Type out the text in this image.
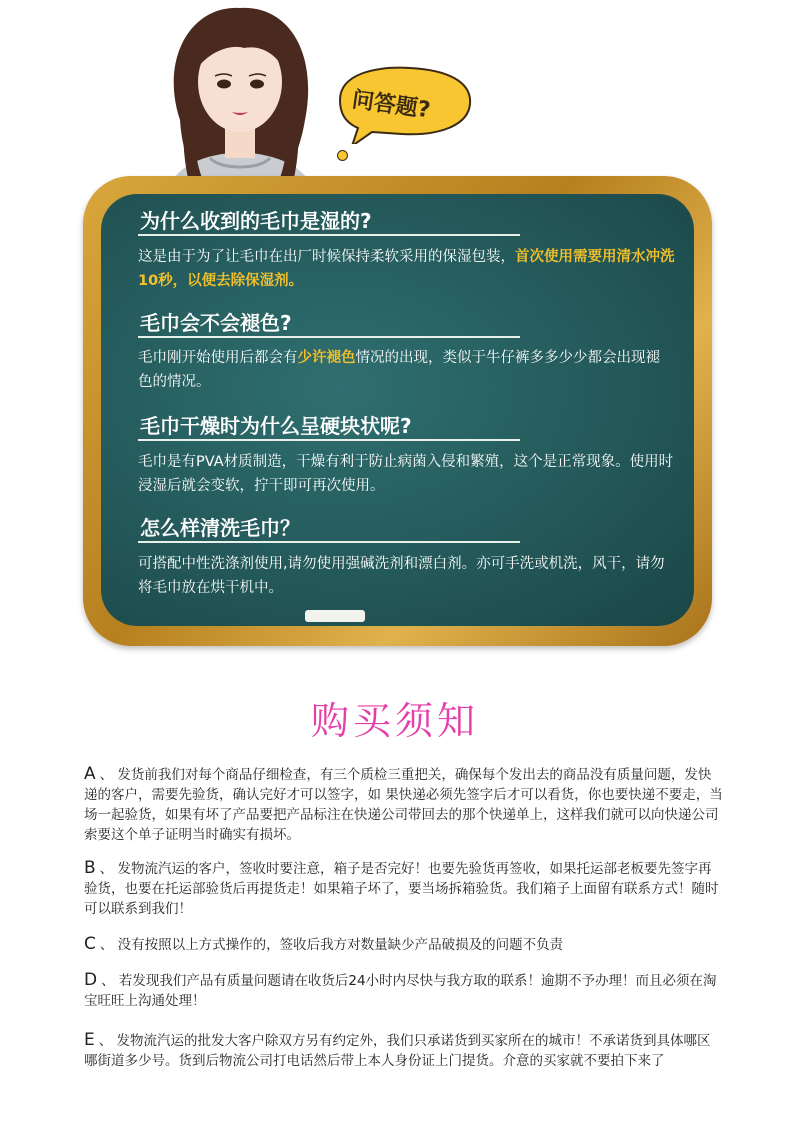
问答题?
为什么收到的毛巾是湿的?
这是由于为了让毛巾在出厂时候保持柔软采用的保湿包装，首次使用需要用清水冲洗10秒，以便去除保湿剂。
毛巾会不会褪色?
毛巾刚开始使用后都会有少许褪色情况的出现，类似于牛仔裤多多少少都会出现褪色的情况。
毛巾干燥时为什么呈硬块状呢?
毛巾是有PVA材质制造，干燥有利于防止病菌入侵和繁殖，这个是正常现象。使用时浸湿后就会变软，拧干即可再次使用。
怎么样清洗毛巾？
可搭配中性洗涤剂使用,请勿使用强碱洗剂和漂白剂。亦可手洗或机洗，风干，请勿将毛巾放在烘干机中。
购买须知
A 、 发货前我们对每个商品仔细检查，有三个质检三重把关，确保每个发出去的商品没有质量问题，发快递的客户，需要先验货，确认完好才可以签字，如 果快递必须先签字后才可以看货，你也要快递不要走，当场一起验货，如果有坏了产品要把产品标注在快递公司带回去的那个快递单上，这样我们就可以向快递公司 索要这个单子证明当时确实有损坏。
B 、 发物流汽运的客户，签收时要注意，箱子是否完好！也要先验货再签收，如果托运部老板要先签字再验货，也要在托运部验货后再提货走！如果箱子坏了，要当场拆箱验货。我们箱子上面留有联系方式！随时可以联系到我们！
C 、 没有按照以上方式操作的，签收后我方对数量缺少产品破损及的问题不负责
D 、 若发现我们产品有质量问题请在收货后24小时内尽快与我方取的联系！逾期不予办理！而且必须在淘宝旺旺上沟通处理！
E 、 发物流汽运的批发大客户除双方另有约定外，我们只承诺货到买家所在的城市！不承诺货到具体哪区哪街道多少号。货到后物流公司打电话然后带上本人身份证上门提货。介意的买家就不要拍下来了
